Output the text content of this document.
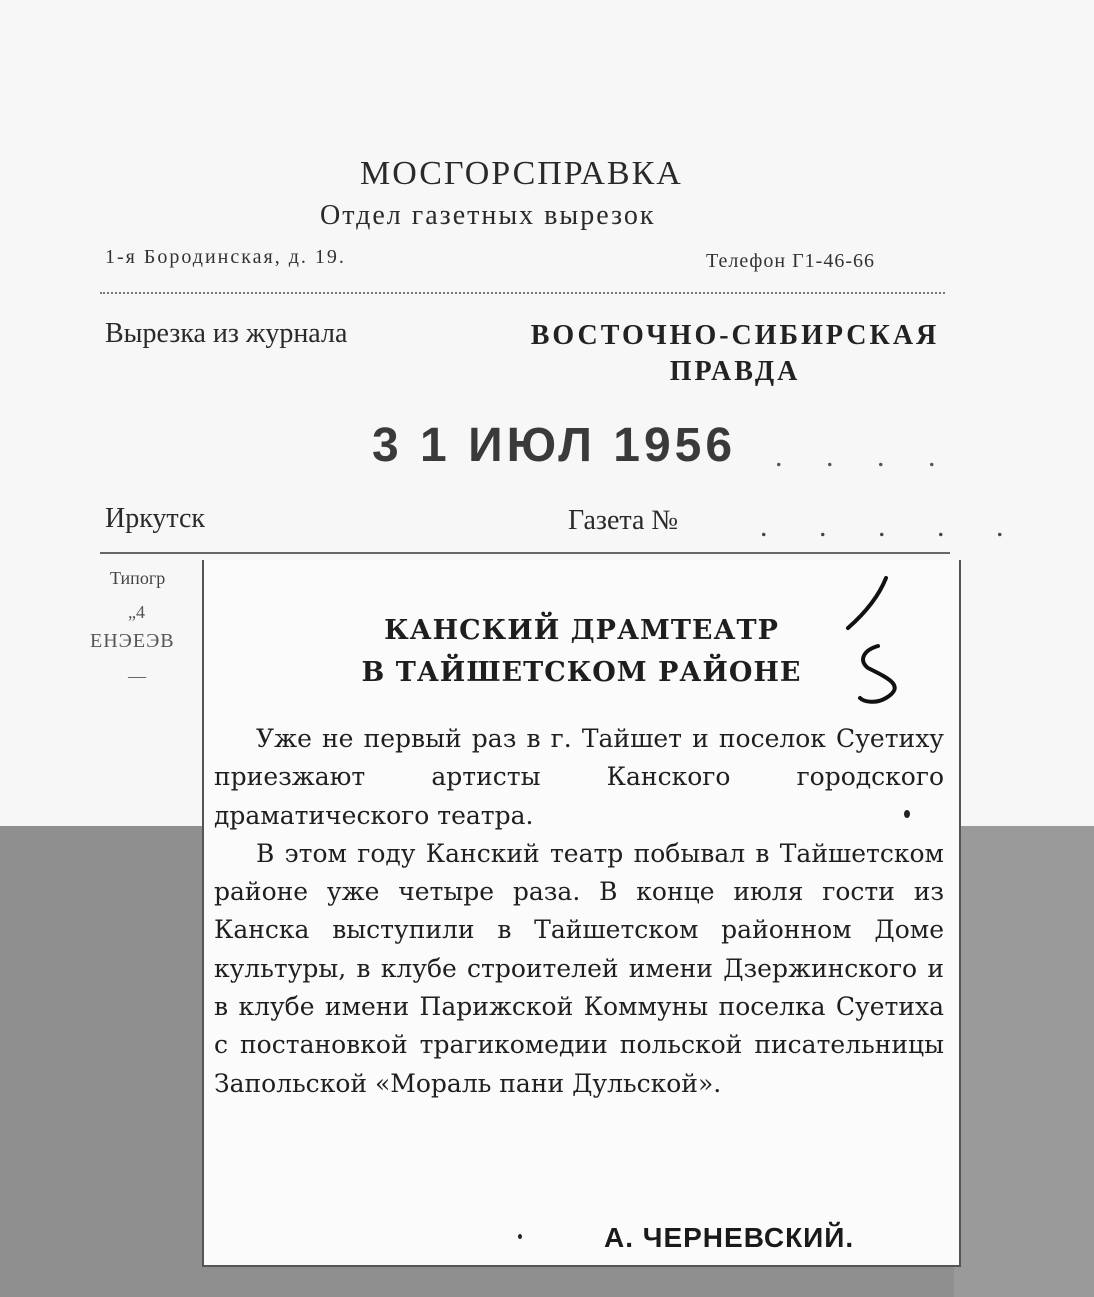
МОСГОРСПРАВКА
Отдел газетных вырезок
1-я Бородинская, д. 19.	Телефон Г1-46-66
Вырезка из журнала	ВОСТОЧНО-СИБИРСКАЯ ПРАВДА
3 1 ИЮЛ 1956 . . . .
Иркутск	Газета №	. . . . .
Типогр
„4
ЕНЭЕЭВ
—
КАНСКИЙ ДРАМТЕАТР
В ТАЙШЕТСКОМ РАЙОНЕ

Уже не первый раз в г. Тайшет и поселок Суетиху приезжают артисты Канского городского драматического театра.

В этом году Канский театр побывал в Тайшетском районе уже четыре раза. В конце июля гости из Канска выступили в Тайшетском районном Доме культуры, в клубе строителей имени Дзержинского и в клубе имени Парижской Коммуны поселка Суетиха с постановкой трагикомедии польской писательницы Запольской «Мораль пани Дульской».

А. ЧЕРНЕВСКИЙ.
